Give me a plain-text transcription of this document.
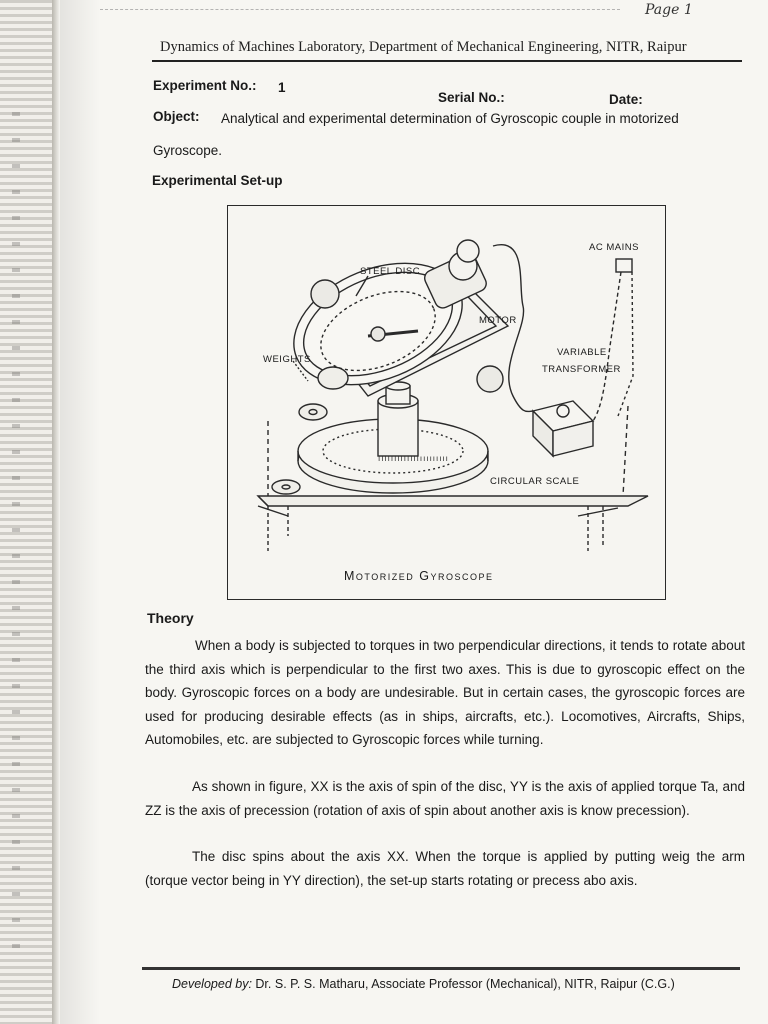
Page 1
Dynamics of Machines Laboratory, Department of Mechanical Engineering, NITR, Raipur
Experiment No.: 1
Serial No.:	Date:
Object: Analytical and experimental determination of Gyroscopic couple in motorized
Gyroscope.
Experimental Set-up
ıııııııııııııııııııııı
AC MAINS
STEEL DISC
MOTOR
VARIABLE
TRANSFORMER
WEIGHTS
CIRCULAR SCALE
Motorized Gyroscope
Theory
When a body is subjected to torques in two perpendicular directions, it tends to rotate about the third axis which is perpendicular to the first two axes. This is due to gyroscopic effect on the body. Gyroscopic forces on a body are undesirable. But in certain cases, the gyroscopic forces are used for producing desirable effects (as in ships, aircrafts, etc.). Locomotives, Aircrafts, Ships, Automobiles, etc. are subjected to Gyroscopic forces while turning.
As shown in figure, XX is the axis of spin of the disc, YY is the axis of applied torque Ta, and ZZ is the axis of precession (rotation of axis of spin about another axis is know precession).
The disc spins about the axis XX. When the torque is applied by putting weig the arm (torque vector being in YY direction), the set-up starts rotating or precess abo axis.
Developed by: Dr. S. P. S. Matharu, Associate Professor (Mechanical), NITR, Raipur (C.G.)
